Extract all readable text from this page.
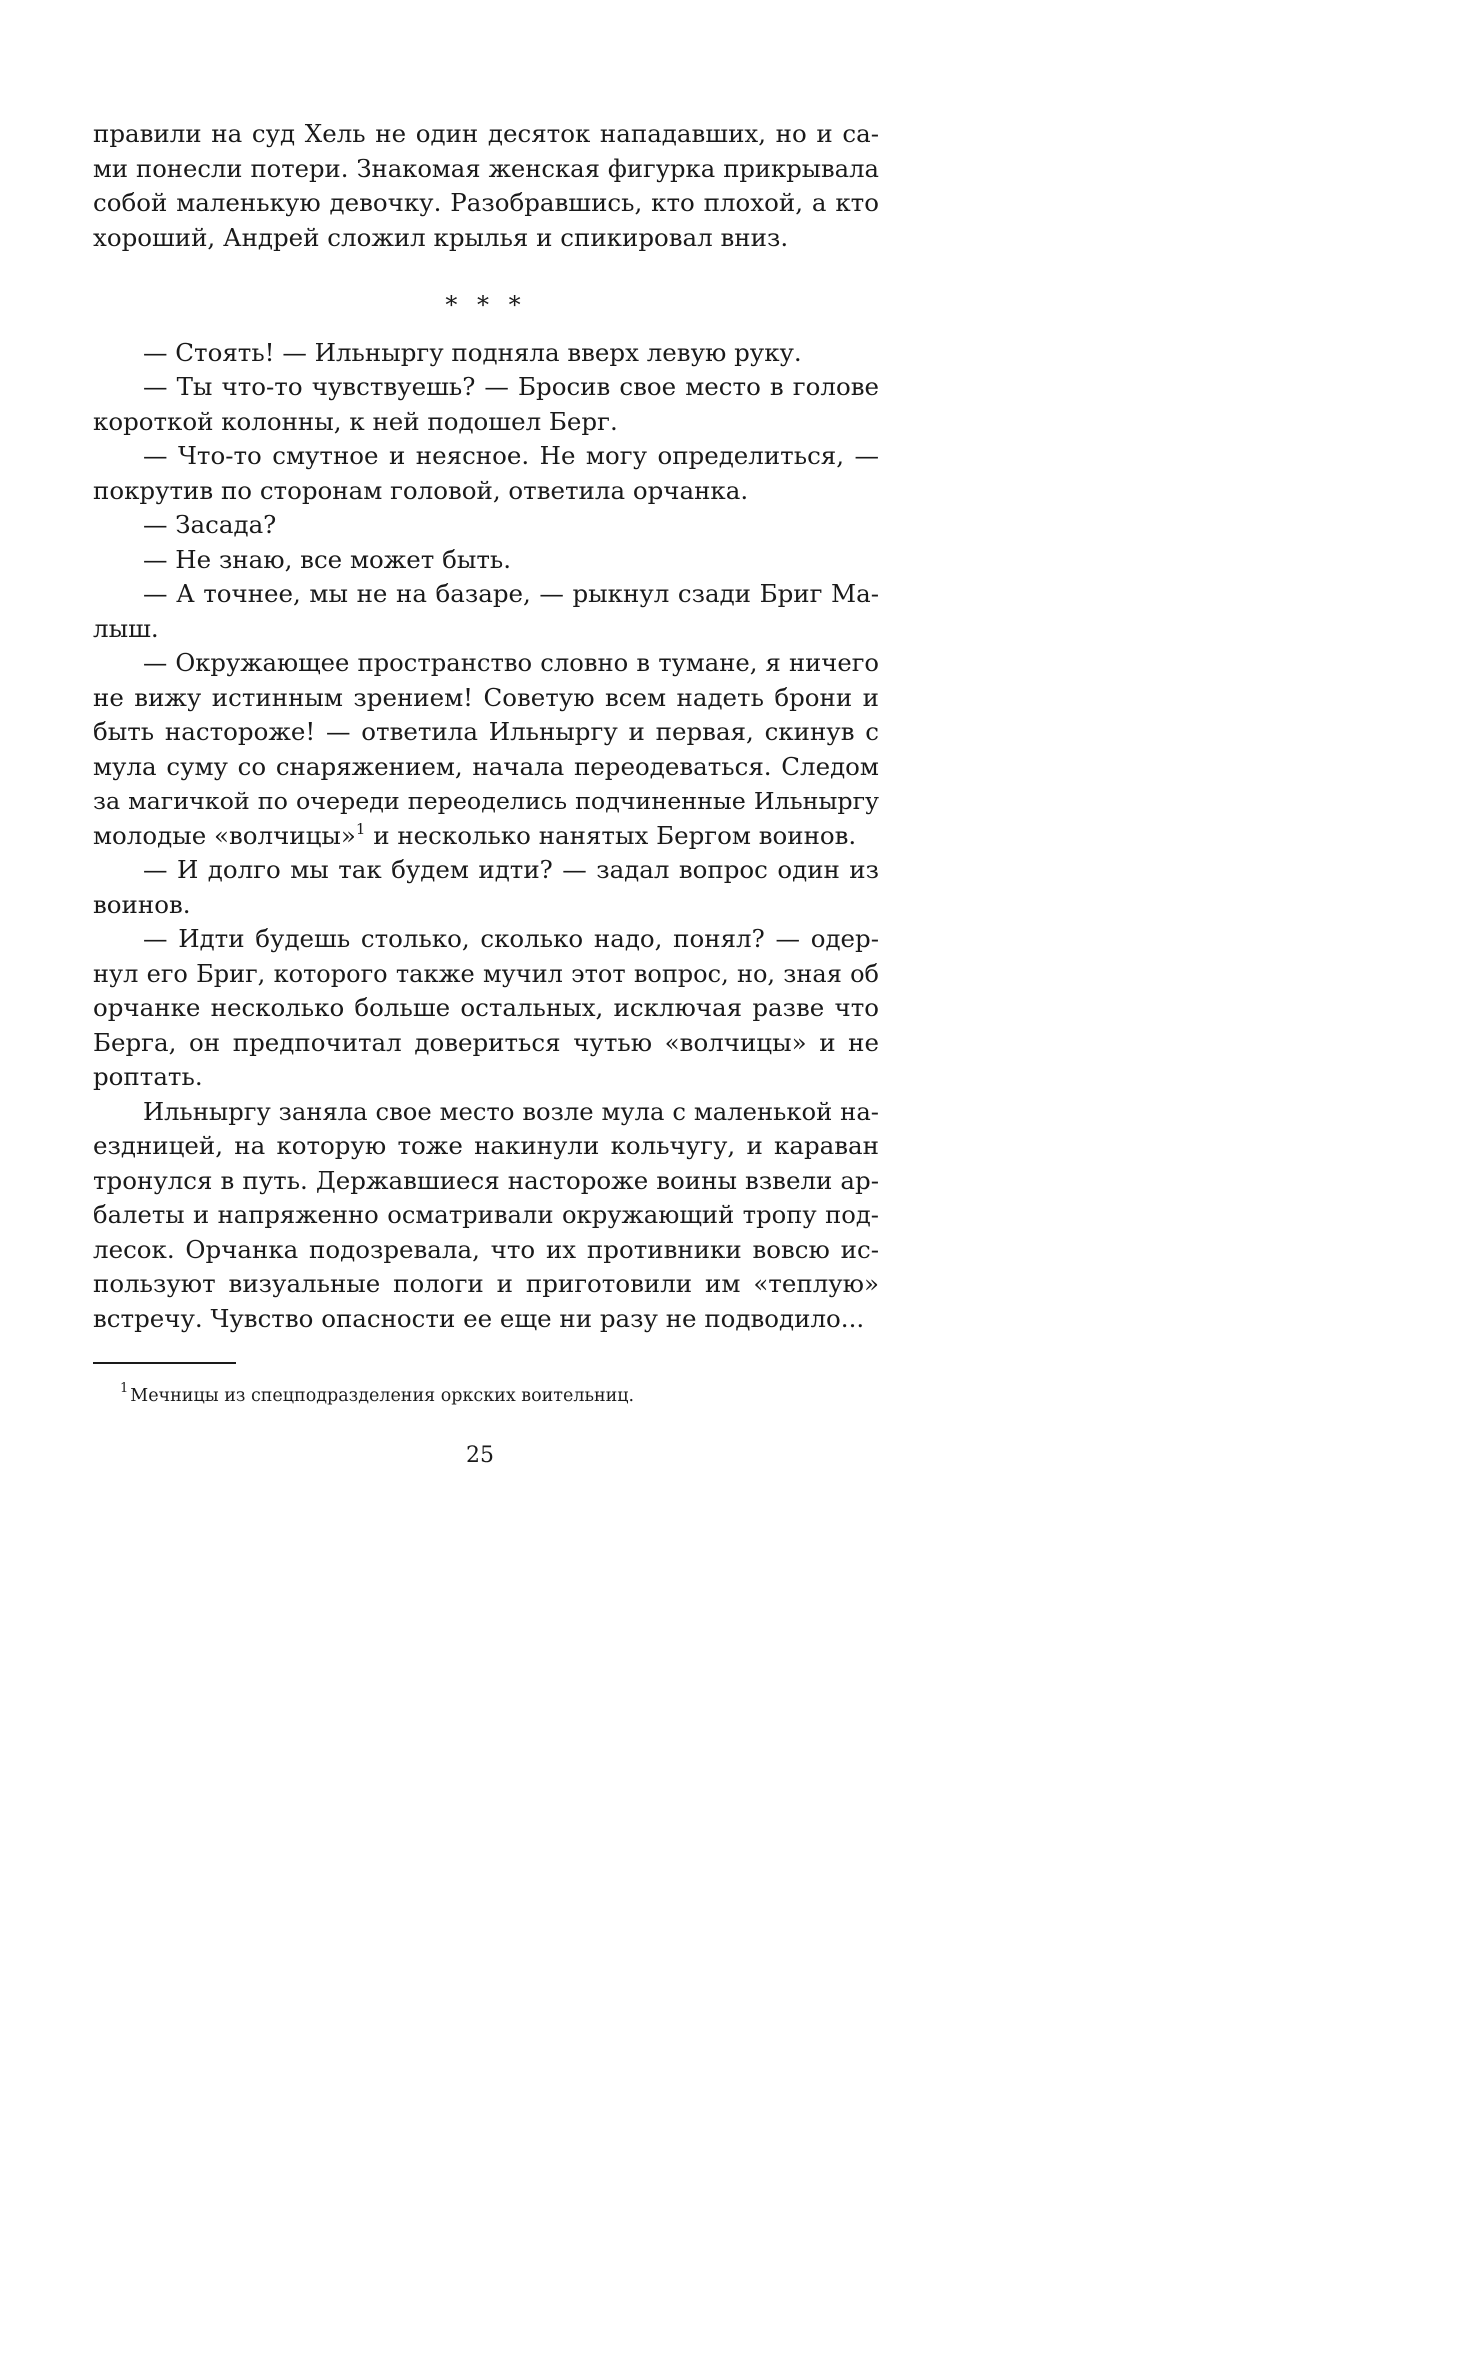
правили на суд Хель не один десяток нападавших, но и са-
ми понесли потери. Знакомая женская фигурка прикрывала
собой маленькую девочку. Разобравшись, кто плохой, а кто
хороший, Андрей сложил крылья и спикировал вниз.
* * *
— Стоять! — Ильныргу подняла вверх левую руку.
— Ты что-то чувствуешь? — Бросив свое место в голове
короткой колонны, к ней подошел Берг.
— Что-то смутное и неясное. Не могу определиться, —
покрутив по сторонам головой, ответила орчанка.
— Засада?
— Не знаю, все может быть.
— А точнее, мы не на базаре, — рыкнул сзади Бриг Ма-
лыш.
— Окружающее пространство словно в тумане, я ничего
не вижу истинным зрением! Советую всем надеть брони и
быть настороже! — ответила Ильныргу и первая, скинув с
мула суму со снаряжением, начала переодеваться. Следом
за магичкой по очереди переоделись подчиненные Ильныргу
молодые «волчицы»$^1$ и несколько нанятых Бергом воинов.
— И долго мы так будем идти? — задал вопрос один из
воинов.
— Идти будешь столько, сколько надо, понял? — одер-
нул его Бриг, которого также мучил этот вопрос, но, зная об
орчанке несколько больше остальных, исключая разве что
Берга, он предпочитал довериться чутью «волчицы» и не
роптать.
Ильныргу заняла свое место возле мула с маленькой на-
ездницей, на которую тоже накинули кольчугу, и караван
тронулся в путь. Державшиеся настороже воины взвели ар-
балеты и напряженно осматривали окружающий тропу под-
лесок. Орчанка подозревала, что их противники вовсю ис-
пользуют визуальные пологи и приготовили им «теплую»
встречу. Чувство опасности ее еще ни разу не подводило...
$^1$ Мечницы из спецподразделения оркских воительниц.
25
